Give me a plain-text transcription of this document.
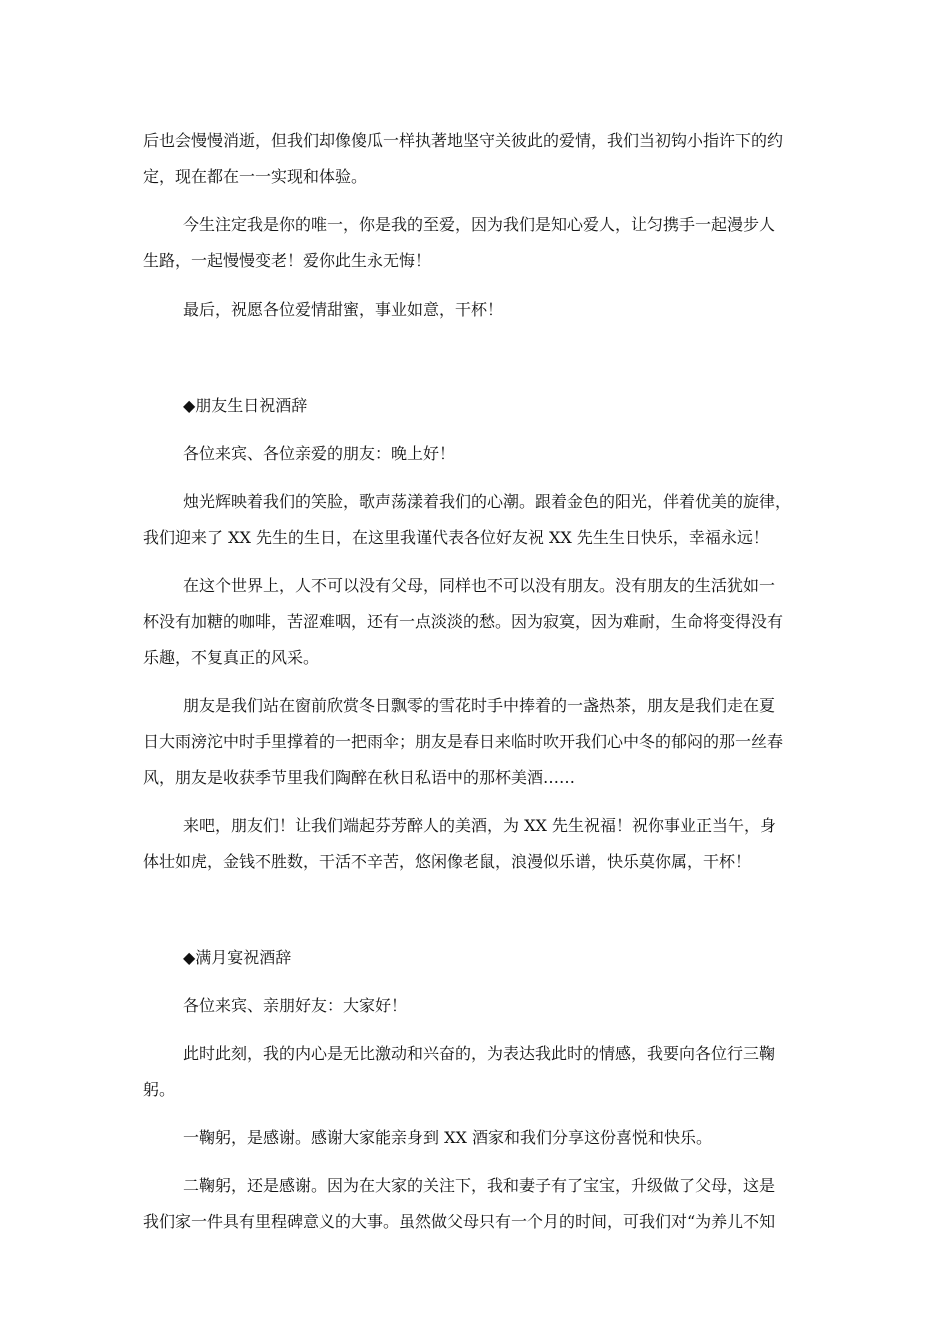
后也会慢慢消逝，但我们却像傻瓜一样执著地坚守关彼此的爱情，我们当初钩小指许下的约
定，现在都在一一实现和体验。
今生注定我是你的唯一，你是我的至爱，因为我们是知心爱人，让匀携手一起漫步人
生路，一起慢慢变老！爱你此生永无悔！
最后，祝愿各位爱情甜蜜，事业如意，干杯！
◆朋友生日祝酒辞
各位来宾、各位亲爱的朋友：晚上好！
烛光辉映着我们的笑脸，歌声荡漾着我们的心潮。跟着金色的阳光，伴着优美的旋律，
我们迎来了 XX 先生的生日，在这里我谨代表各位好友祝 XX 先生生日快乐，幸福永远！
在这个世界上，人不可以没有父母，同样也不可以没有朋友。没有朋友的生活犹如一
杯没有加糖的咖啡，苦涩难咽，还有一点淡淡的愁。因为寂寞，因为难耐，生命将变得没有
乐趣，不复真正的风采。
朋友是我们站在窗前欣赏冬日飘零的雪花时手中捧着的一盏热茶，朋友是我们走在夏
日大雨滂沱中时手里撑着的一把雨伞；朋友是春日来临时吹开我们心中冬的郁闷的那一丝春
风，朋友是收获季节里我们陶醉在秋日私语中的那杯美酒……
来吧，朋友们！让我们端起芬芳醉人的美酒，为 XX 先生祝福！祝你事业正当午，身
体壮如虎，金钱不胜数，干活不辛苦，悠闲像老鼠，浪漫似乐谱，快乐莫你属，干杯！
◆满月宴祝酒辞
各位来宾、亲朋好友：大家好！
此时此刻，我的内心是无比激动和兴奋的，为表达我此时的情感，我要向各位行三鞠
躬。
一鞠躬，是感谢。感谢大家能亲身到 XX 酒家和我们分享这份喜悦和快乐。
二鞠躬，还是感谢。因为在大家的关注下，我和妻子有了宝宝，升级做了父母，这是
我们家一件具有里程碑意义的大事。虽然做父母只有一个月的时间，可我们对“为养儿不知
